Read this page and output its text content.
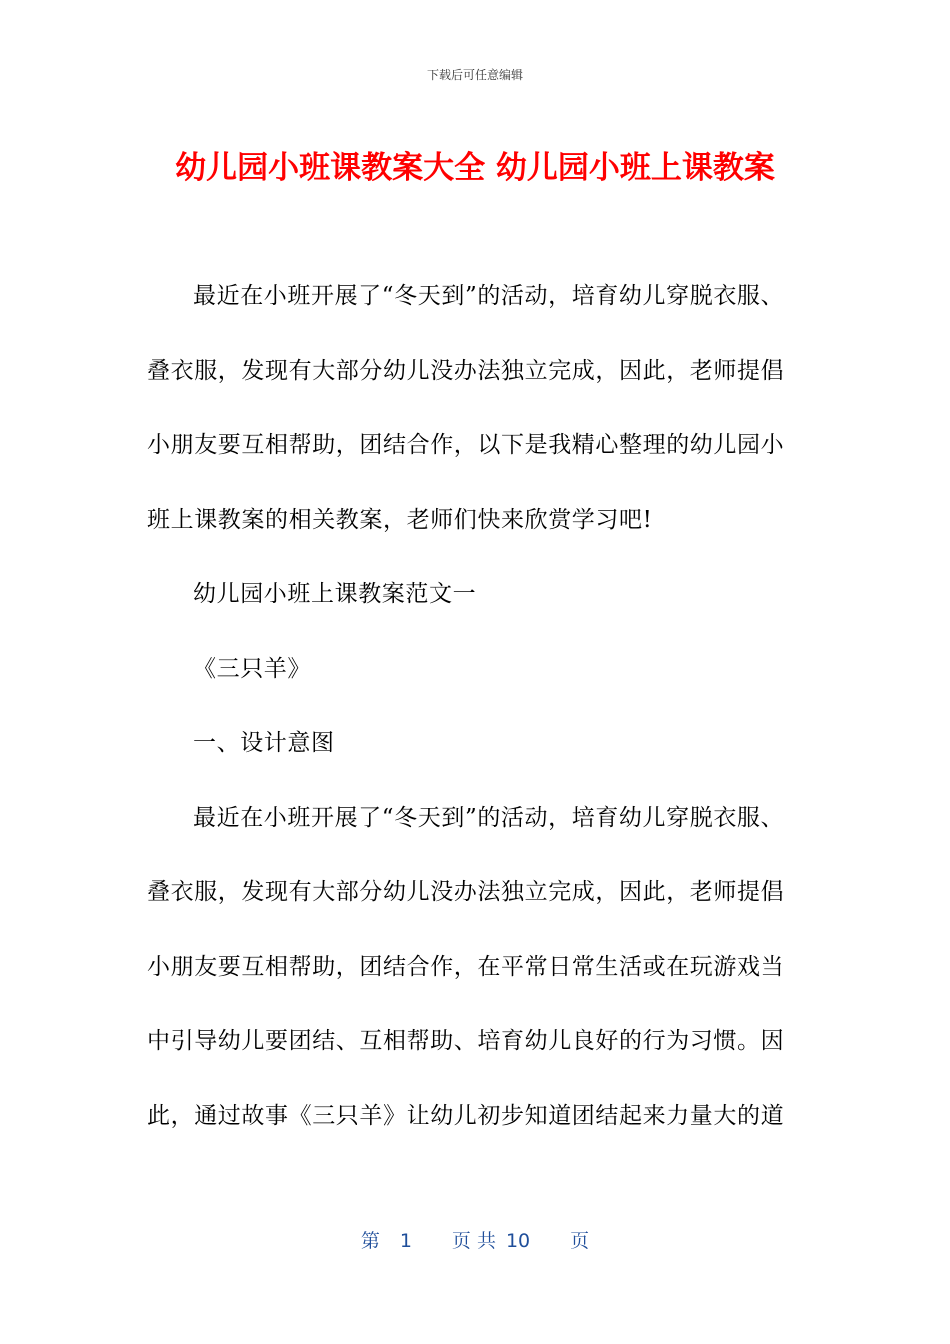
下载后可任意编辑
幼儿园小班课教案大全 幼儿园小班上课教案

最近在小班开展了“冬天到”的活动，培育幼儿穿脱衣服、

叠衣服，发现有大部分幼儿没办法独立完成，因此，老师提倡

小朋友要互相帮助，团结合作，以下是我精心整理的幼儿园小

班上课教案的相关教案，老师们快来欣赏学习吧!

幼儿园小班上课教案范文一

《三只羊》

一、设计意图

最近在小班开展了“冬天到”的活动，培育幼儿穿脱衣服、

叠衣服，发现有大部分幼儿没办法独立完成，因此，老师提倡

小朋友要互相帮助，团结合作，在平常日常生活或在玩游戏当

中引导幼儿要团结、互相帮助、培育幼儿良好的行为习惯。因

此，通过故事《三只羊》让幼儿初步知道团结起来力量大的道

第 1 页 共 10 页
